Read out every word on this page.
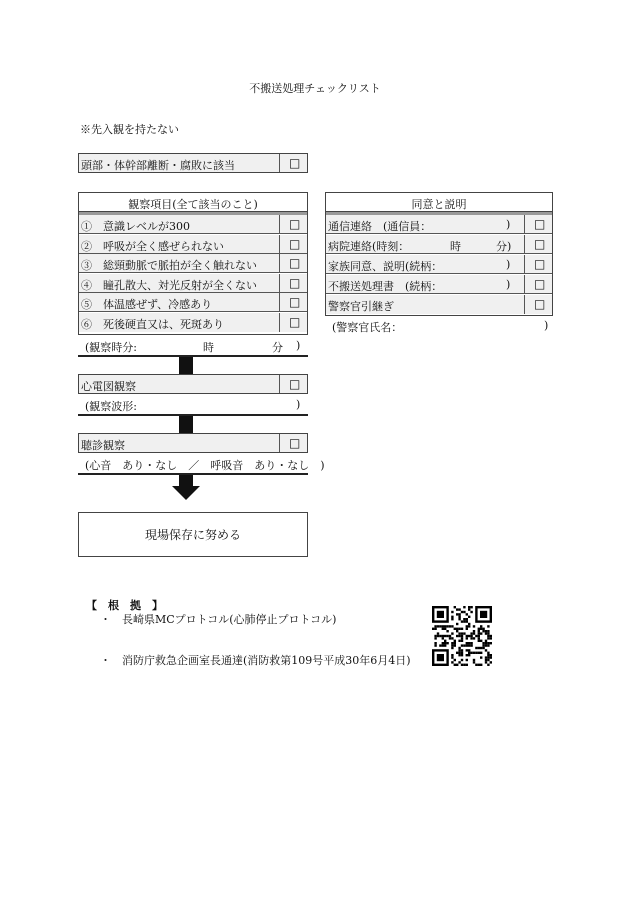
不搬送処理チェックリスト
※先入観を持たない
頭部・体幹部離断・腐敗に該当	□
観察項目(全て該当のこと)
①　意識レベルが300	□
②　呼吸が全く感ぜられない	□
③　総頸動脈で脈拍が全く触れない	□
④　瞳孔散大、対光反射が全くない	□
⑤　体温感ぜず、冷感あり	□
⑥　死後硬直又は、死斑あり	□
(観察時分:	時	分 )
心電図観察	□
(観察波形:	)
聴診観察	□
(心音　あり・なし　／　呼吸音　あり・なし　)
現場保存に努める
同意と説明
通信連絡　(通信員：	) □
病院連絡(時刻：	時	分) □
家族同意、説明(続柄：	) □
不搬送処理書　(続柄：	) □
警察官引継ぎ	□
(警察官氏名：	)
【　根　拠　】
・　長崎県MCプロトコル(心肺停止プロトコル)
・　消防庁救急企画室長通達(消防救第109号平成30年6月4日)
